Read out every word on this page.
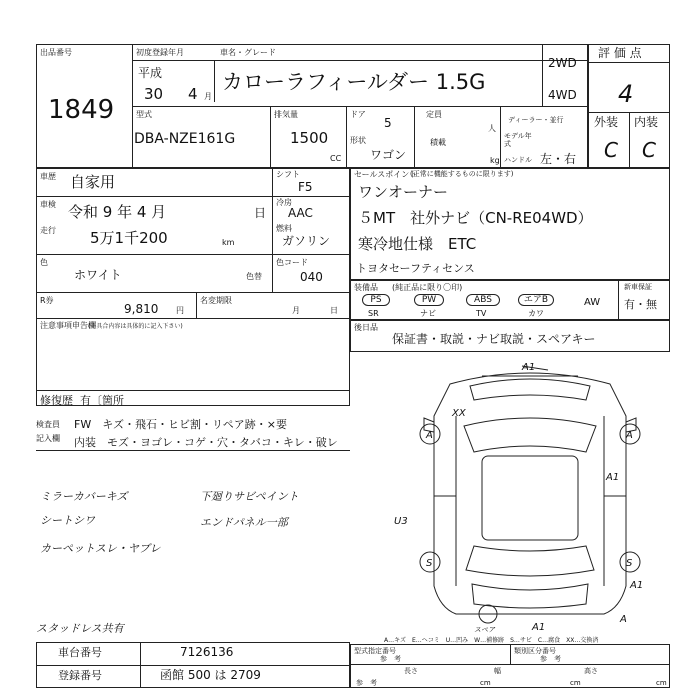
出品番号
1849
初度登録年月	車名・グレード
平成
30 4 月
カローラフィールダー 1.5G
2WD
4WD
型式
DBA-NZE161G
排気量
1500
CC
ドア
5
形状
ワゴン
定員
人
積載
kg
ディーラー・並行
モデル年式
ハンドル 左・右
評 価 点
4
外装 内装
C C
車歴 自家用	シフト
F5
車検 令和 9 年 4 月	日
冷房
AAC
走行 5万1千200	km
燃料
ガソリン
色
ホワイト	色替
色コード
040
R券
9,810 円
名変期限
月	日
注意事項申告欄
(不具合内容は具体的に記入下さい)
修復歴 有〔箇所
検査員
記入欄
FW　キズ・飛石・ヒビ割・リペア跡・×要
内装　モズ・ヨゴレ・コゲ・穴・タバコ・キレ・破レ
ミラーカバーキズ
シートシワ
カーペットスレ・ヤブレ
下廻りサビペイント
エンドパネル一部
スタッドレス共有
セールスポイント
(正常に機能するものに限ります)
ワンオーナー
５MT　社外ナビ（CN-RE04WD）
寒冷地仕様　ETC
トヨタセーフティセンス
装備品 (純正品に限り〇印)
PS
SR
PW
ナビ
ABS
TV
エアB
カワ
AW
新車保証
有・無
後日品
保証書・取説・ナビ取説・スペアキー
A1
XX
A	A
A1
U3
S	S
A1
A1
スペア
A
A…キズ　E…ヘコミ　U…凹み　W…補修跡　S…サビ　C…腐食　XX…交換済
車台番号	7126136
登録番号	函館 500 は 2709
型式指定番号
参　考
類別区分番号
参　考
長さ
cm
幅
cm
高さ
cm
参　考
